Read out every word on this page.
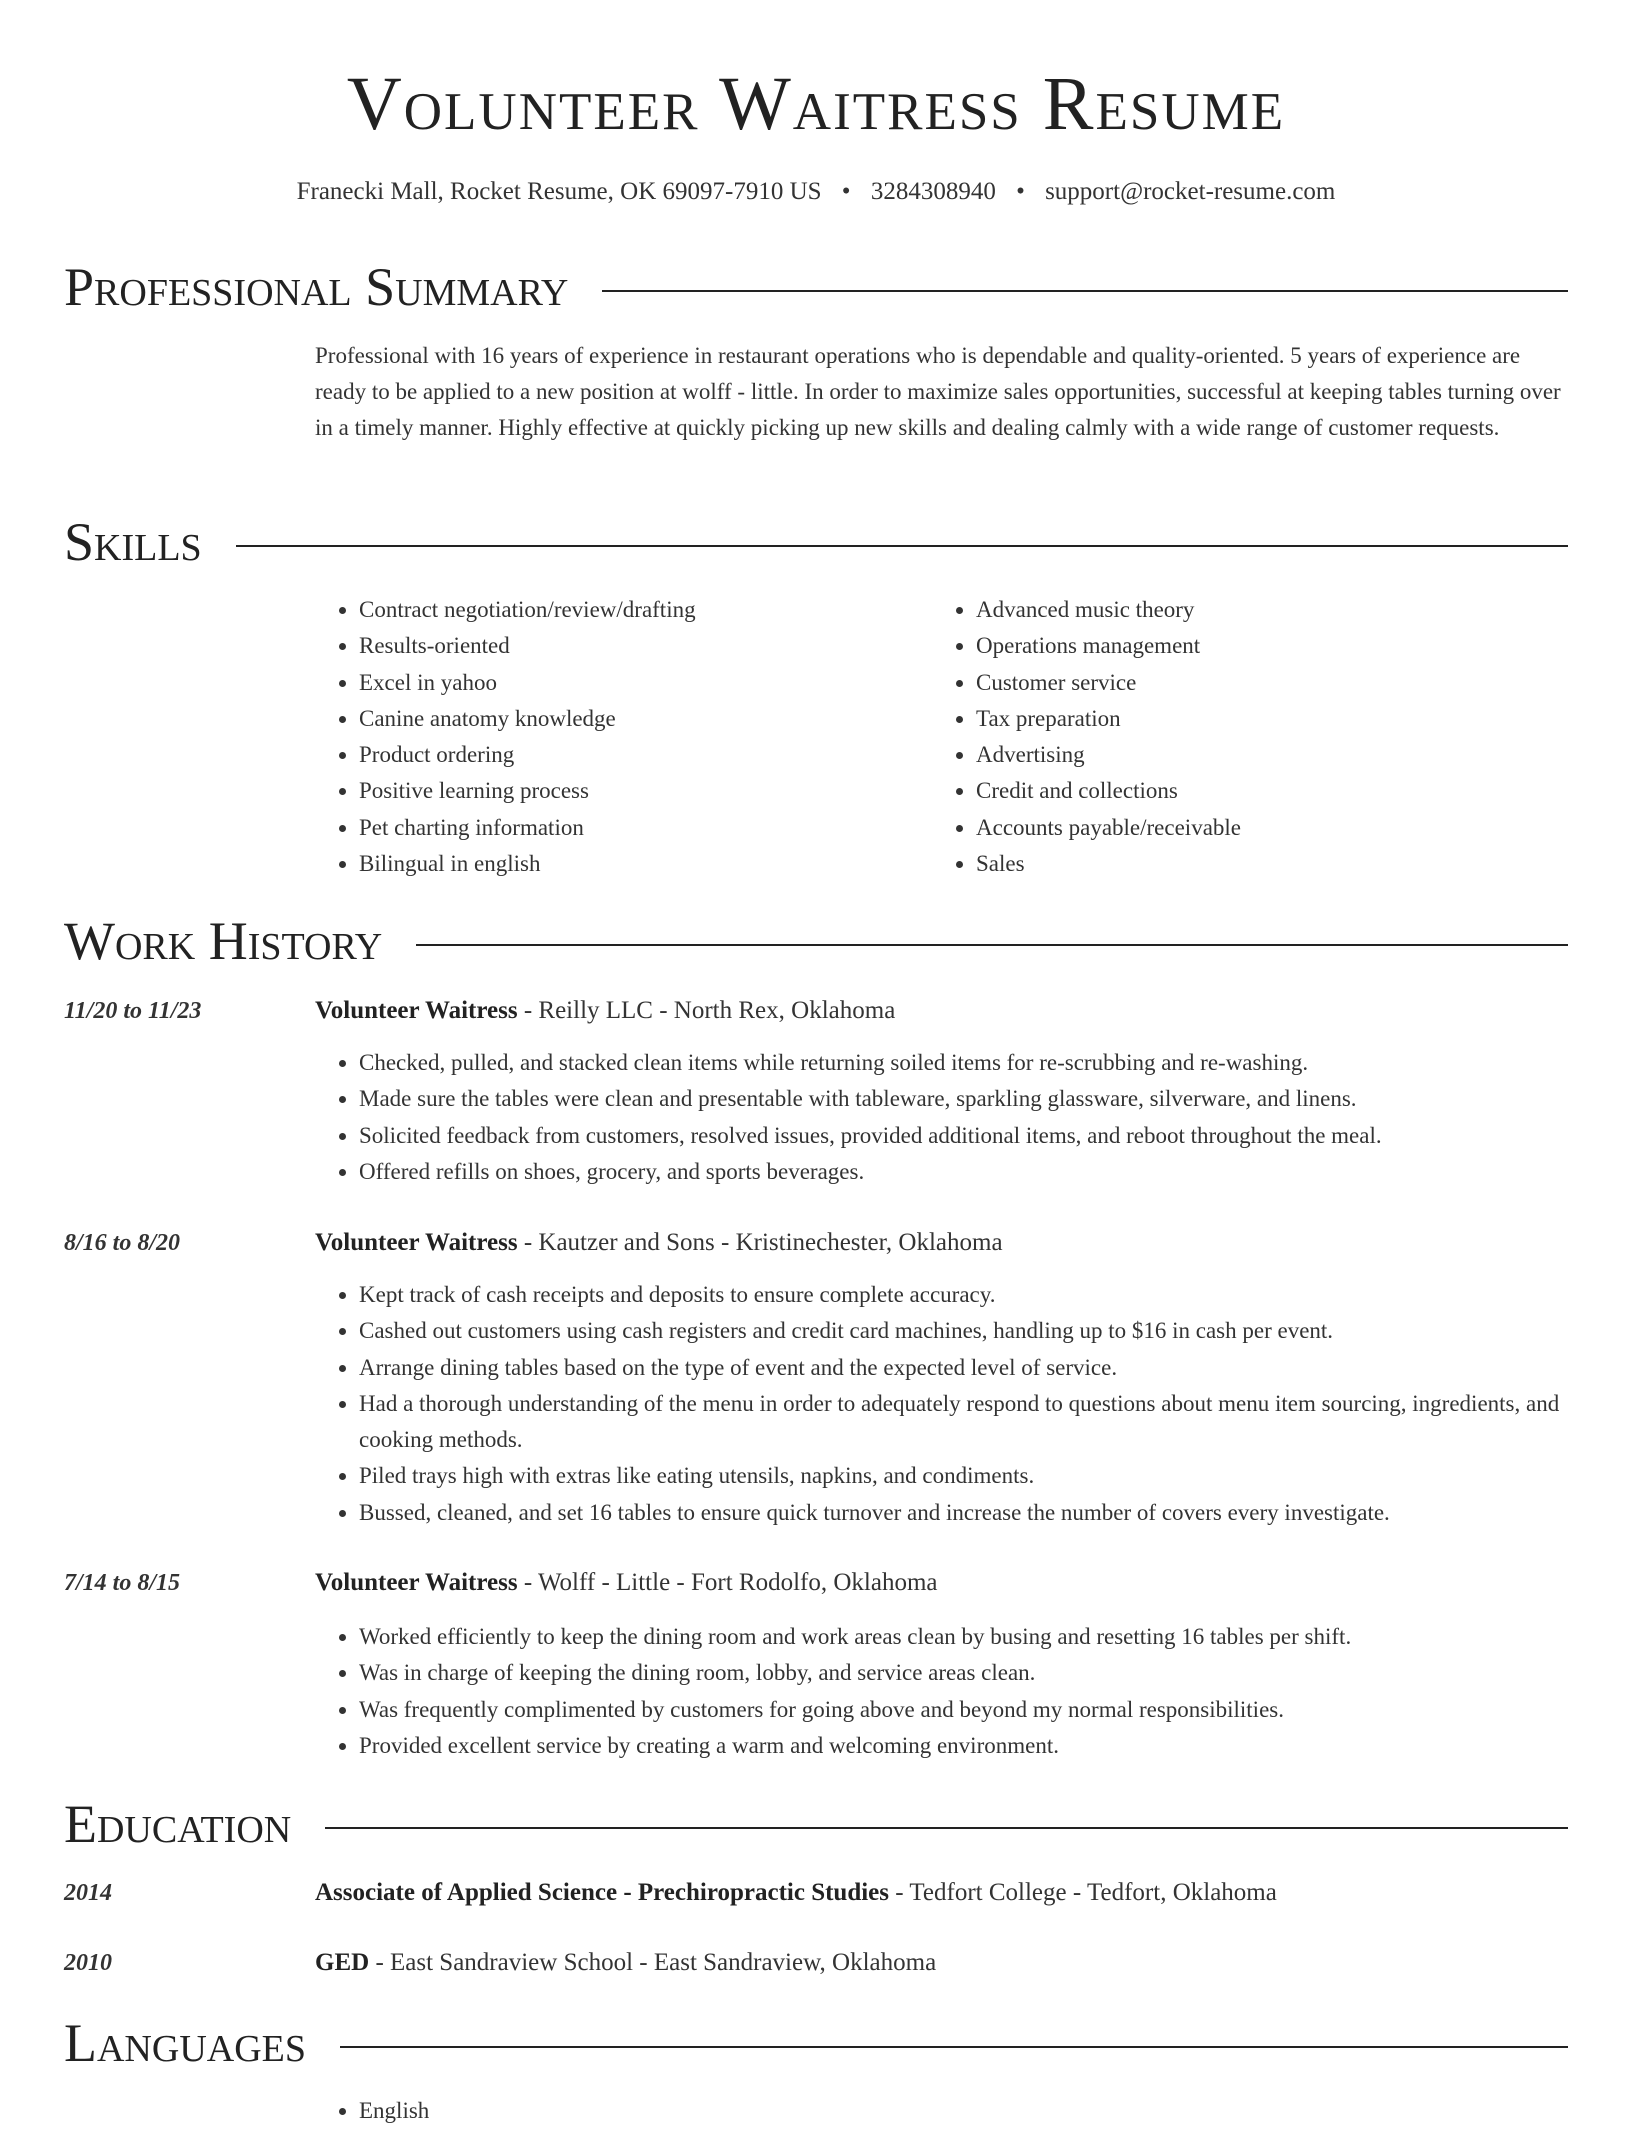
Volunteer Waitress Resume
Franecki Mall, Rocket Resume, OK 69097-7910 US • 3284308940 • support@rocket-resume.com
Professional Summary
Professional with 16 years of experience in restaurant operations who is dependable and quality-oriented. 5 years of experience are ready to be applied to a new position at wolff - little. In order to maximize sales opportunities, successful at keeping tables turning over in a timely manner. Highly effective at quickly picking up new skills and dealing calmly with a wide range of customer requests.
Skills
• Contract negotiation/review/drafting
• Results-oriented
• Excel in yahoo
• Canine anatomy knowledge
• Product ordering
• Positive learning process
• Pet charting information
• Bilingual in english
• Advanced music theory
• Operations management
• Customer service
• Tax preparation
• Advertising
• Credit and collections
• Accounts payable/receivable
• Sales
Work History
11/20 to 11/23	Volunteer Waitress - Reilly LLC - North Rex, Oklahoma
• Checked, pulled, and stacked clean items while returning soiled items for re-scrubbing and re-washing.
• Made sure the tables were clean and presentable with tableware, sparkling glassware, silverware, and linens.
• Solicited feedback from customers, resolved issues, provided additional items, and reboot throughout the meal.
• Offered refills on shoes, grocery, and sports beverages.
8/16 to 8/20	Volunteer Waitress - Kautzer and Sons - Kristinechester, Oklahoma
• Kept track of cash receipts and deposits to ensure complete accuracy.
• Cashed out customers using cash registers and credit card machines, handling up to $16 in cash per event.
• Arrange dining tables based on the type of event and the expected level of service.
• Had a thorough understanding of the menu in order to adequately respond to questions about menu item sourcing, ingredients, and cooking methods.
• Piled trays high with extras like eating utensils, napkins, and condiments.
• Bussed, cleaned, and set 16 tables to ensure quick turnover and increase the number of covers every investigate.
7/14 to 8/15	Volunteer Waitress - Wolff - Little - Fort Rodolfo, Oklahoma
• Worked efficiently to keep the dining room and work areas clean by busing and resetting 16 tables per shift.
• Was in charge of keeping the dining room, lobby, and service areas clean.
• Was frequently complimented by customers for going above and beyond my normal responsibilities.
• Provided excellent service by creating a warm and welcoming environment.
Education
2014	Associate of Applied Science - Prechiropractic Studies - Tedfort College - Tedfort, Oklahoma
2010	GED - East Sandraview School - East Sandraview, Oklahoma
Languages
• English
